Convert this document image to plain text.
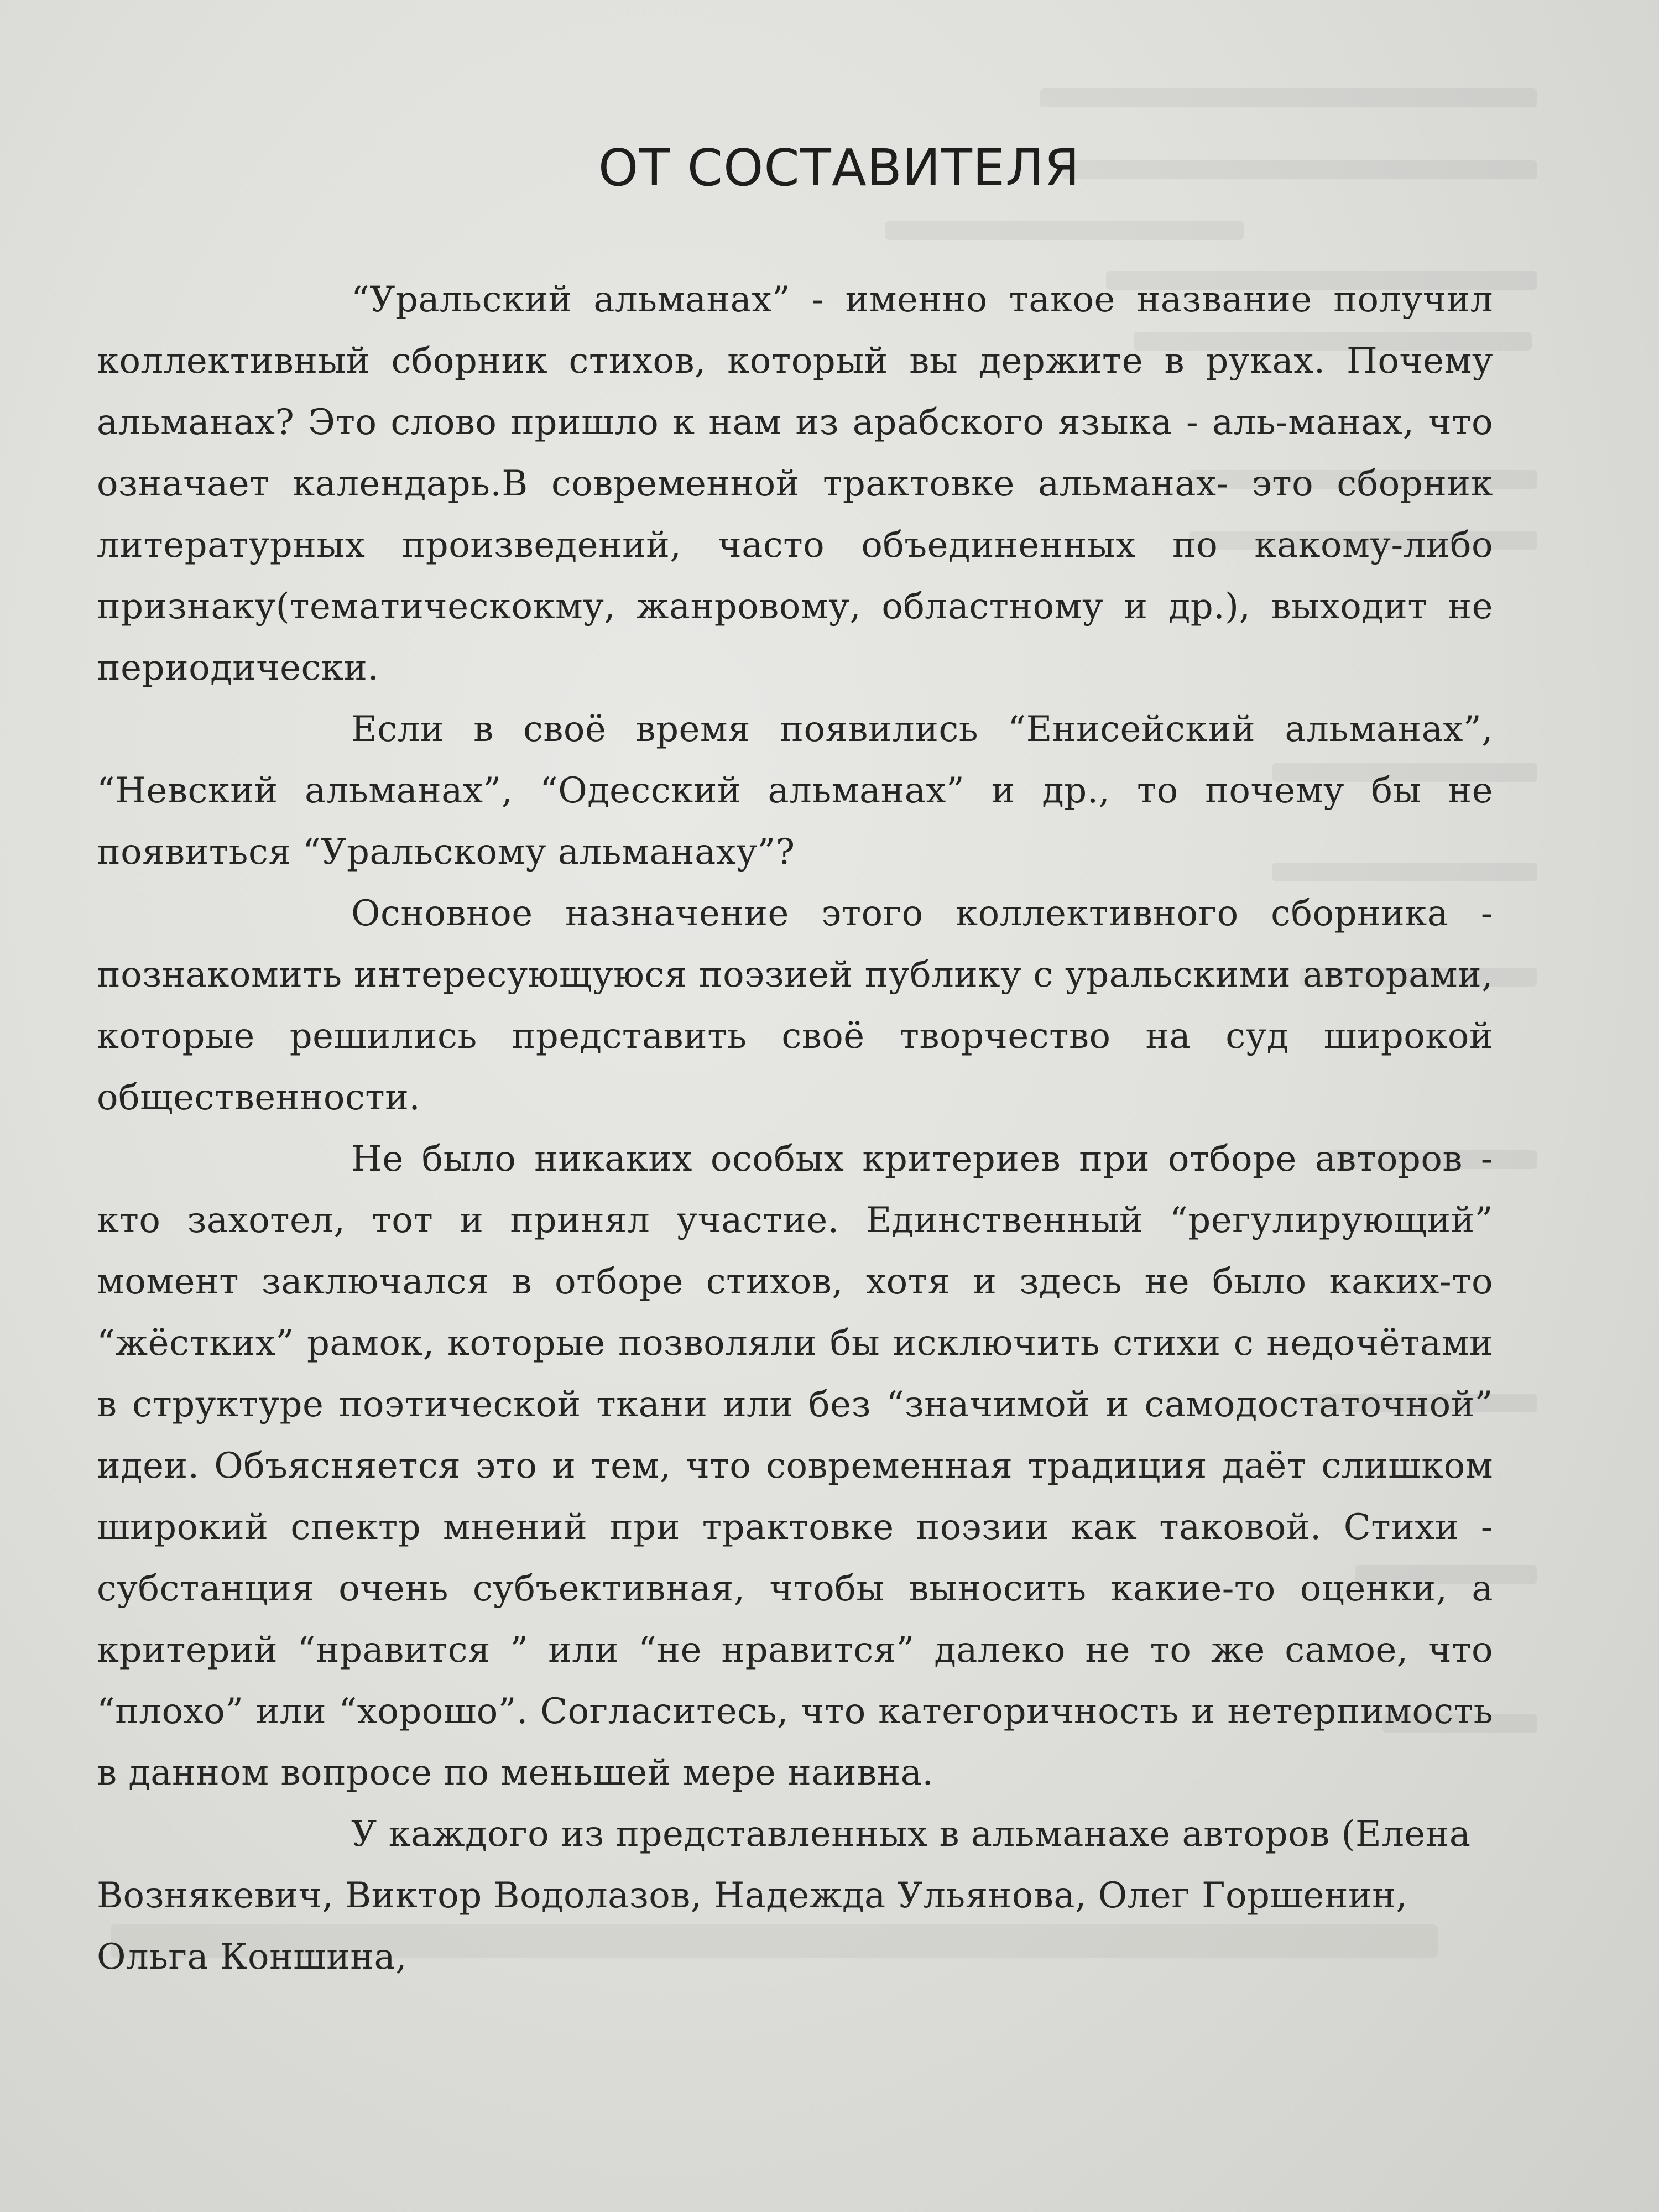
ОТ СОСТАВИТЕЛЯ

“Уральский альманах” - именно такое название получил коллективный сборник стихов, который вы держите в руках. Почему альманах? Это слово пришло к нам из арабского языка - аль-манах, что означает календарь.В современной трактовке альманах- это сборник литературных произведений, часто объединенных по какому-либо признаку(тематическокму, жанровому, областному и др.), выходит не периодически.

Если в своё время появились “Енисейский альманах”, “Невский альманах”, “Одесский альманах” и др., то почему бы не появиться “Уральскому альманаху”?

Основное назначение этого коллективного сборника - познакомить интересующуюся поэзией публику с уральскими авторами, которые решились представить своё творчество на суд широкой общественности.

Не было никаких особых критериев при отборе авторов - кто захотел, тот и принял участие. Единственный “регулирующий” момент заключался в отборе стихов, хотя и здесь не было каких-то “жёстких” рамок, которые позволяли бы исключить стихи с недочётами в структуре поэтической ткани или без “значимой и самодостаточной” идеи. Объясняется это и тем, что современная традиция даёт слишком широкий спектр мнений при трактовке поэзии как таковой. Стихи - субстанция очень субъективная, чтобы выносить какие-то оценки, а критерий “нравится ” или “не нравится” далеко не то же самое, что “плохо” или “хорошо”. Согласитесь, что категоричность и нетерпимость в данном вопросе по меньшей мере наивна.

У каждого из представленных в альманахе авторов (Елена Вознякевич, Виктор Водолазов, Надежда Ульянова, Олег Горшенин, Ольга Коншина,
